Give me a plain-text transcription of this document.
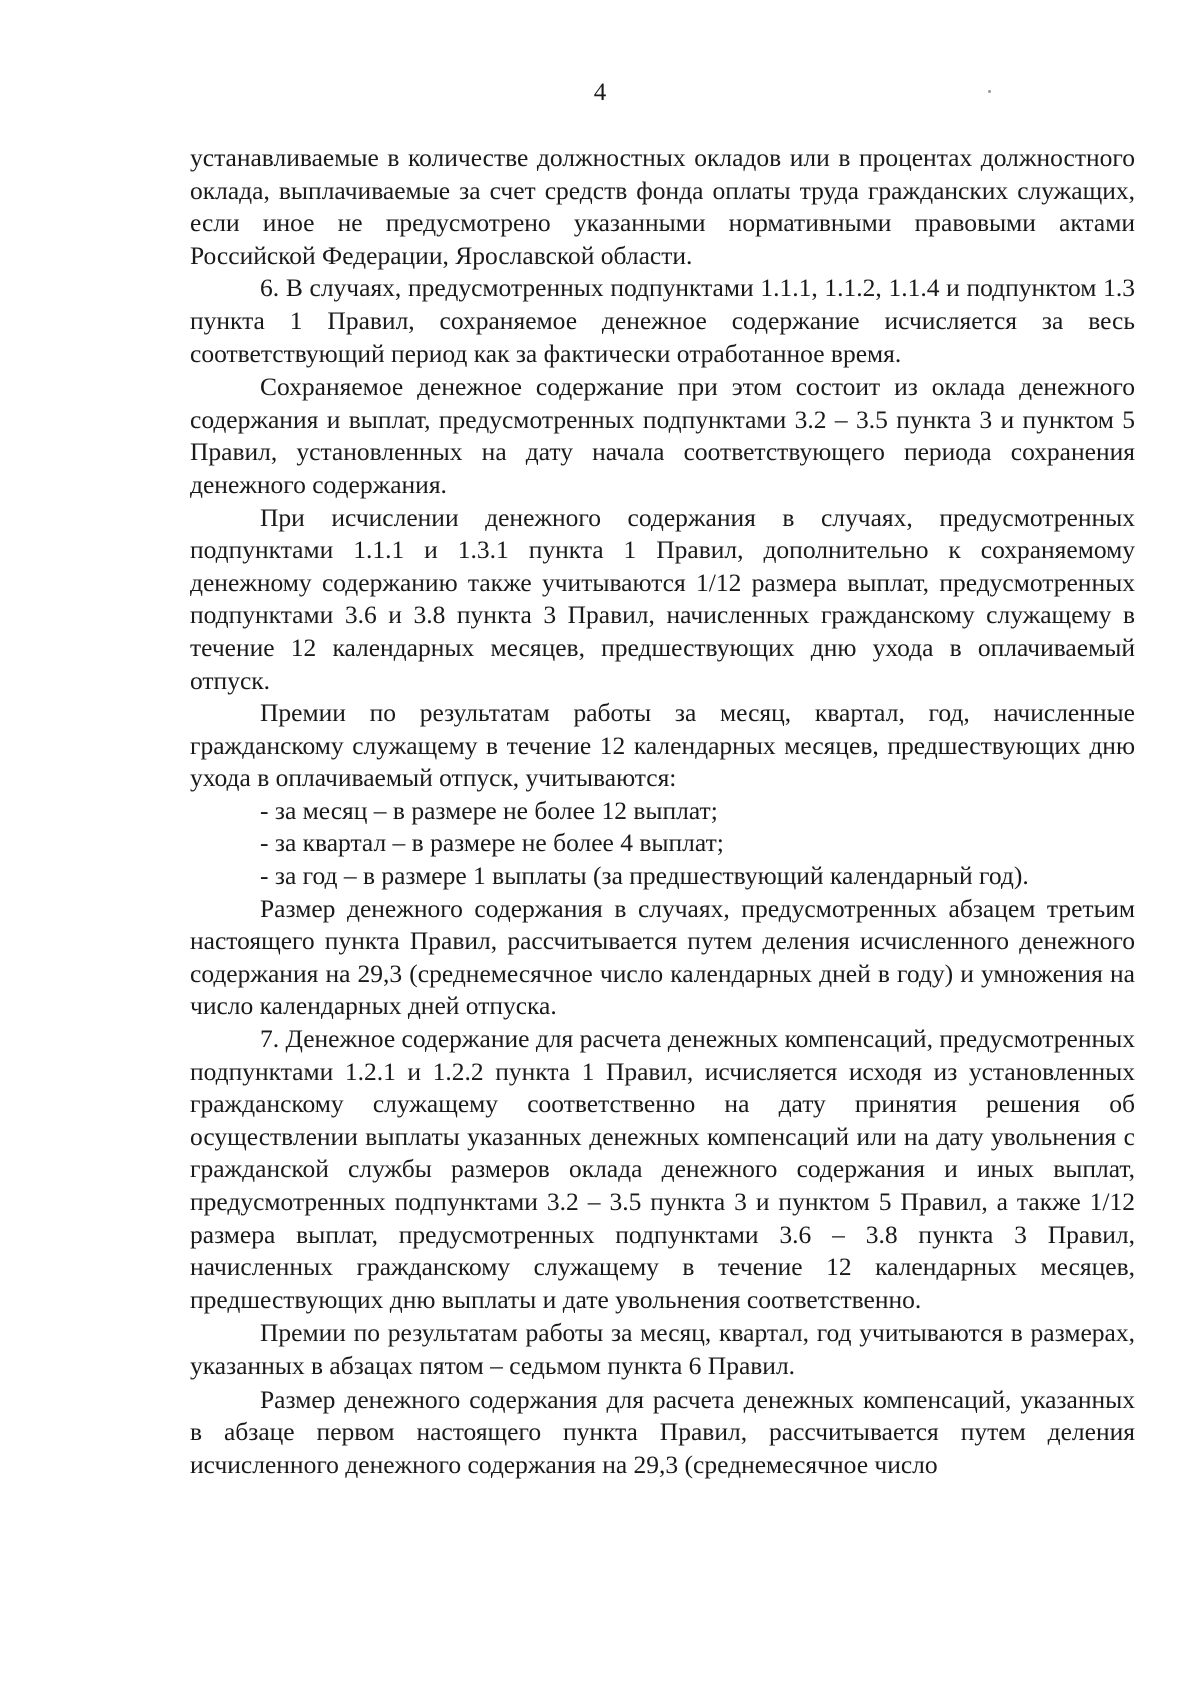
4

устанавливаемые в количестве должностных окладов или в процентах должностного оклада, выплачиваемые за счет средств фонда оплаты труда гражданских служащих, если иное не предусмотрено указанными нормативными правовыми актами Российской Федерации, Ярославской области.

6. В случаях, предусмотренных подпунктами 1.1.1, 1.1.2, 1.1.4 и подпунктом 1.3 пункта 1 Правил, сохраняемое денежное содержание исчисляется за весь соответствующий период как за фактически отработанное время.

Сохраняемое денежное содержание при этом состоит из оклада денежного содержания и выплат, предусмотренных подпунктами 3.2 – 3.5 пункта 3 и пунктом 5 Правил, установленных на дату начала соответствующего периода сохранения денежного содержания.

При исчислении денежного содержания в случаях, предусмотренных подпунктами 1.1.1 и 1.3.1 пункта 1 Правил, дополнительно к сохраняемому денежному содержанию также учитываются 1/12 размера выплат, предусмотренных подпунктами 3.6 и 3.8 пункта 3 Правил, начисленных гражданскому служащему в течение 12 календарных месяцев, предшествующих дню ухода в оплачиваемый отпуск.

Премии по результатам работы за месяц, квартал, год, начисленные гражданскому служащему в течение 12 календарных месяцев, предшествующих дню ухода в оплачиваемый отпуск, учитываются:

- за месяц – в размере не более 12 выплат;

- за квартал – в размере не более 4 выплат;

- за год – в размере 1 выплаты (за предшествующий календарный год).

Размер денежного содержания в случаях, предусмотренных абзацем третьим настоящего пункта Правил, рассчитывается путем деления исчисленного денежного содержания на 29,3 (среднемесячное число календарных дней в году) и умножения на число календарных дней отпуска.

7. Денежное содержание для расчета денежных компенсаций, предусмотренных подпунктами 1.2.1 и 1.2.2 пункта 1 Правил, исчисляется исходя из установленных гражданскому служащему соответственно на дату принятия решения об осуществлении выплаты указанных денежных компенсаций или на дату увольнения с гражданской службы размеров оклада денежного содержания и иных выплат, предусмотренных подпунктами 3.2 – 3.5 пункта 3 и пунктом 5 Правил, а также 1/12 размера выплат, предусмотренных подпунктами 3.6 – 3.8 пункта 3 Правил, начисленных гражданскому служащему в течение 12 календарных месяцев, предшествующих дню выплаты и дате увольнения соответственно.

Премии по результатам работы за месяц, квартал, год учитываются в размерах, указанных в абзацах пятом – седьмом пункта 6 Правил.

Размер денежного содержания для расчета денежных компенсаций, указанных в абзаце первом настоящего пункта Правил, рассчитывается путем деления исчисленного денежного содержания на 29,3 (среднемесячное число
